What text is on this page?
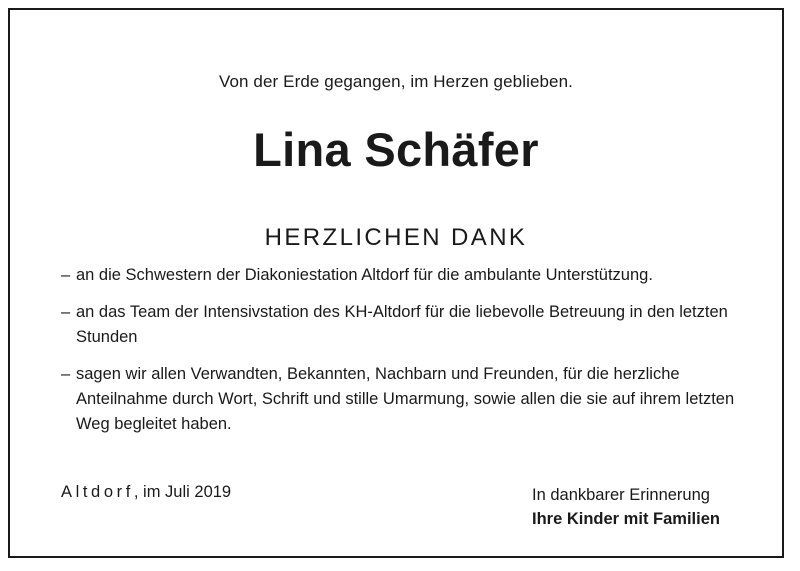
Von der Erde gegangen, im Herzen geblieben.
Lina Schäfer
HERZLICHEN DANK
– an die Schwestern der Diakoniestation Altdorf für die ambulante Unterstützung.
– an das Team der Intensivstation des KH-Altdorf für die liebevolle Betreuung in den letzten Stunden
– sagen wir allen Verwandten, Bekannten, Nachbarn und Freunden, für die herzliche Anteilnahme durch Wort, Schrift und stille Umarmung, sowie allen die sie auf ihrem letzten Weg begleitet haben.
Altdorf, im Juli 2019	In dankbarer Erinnerung
Ihre Kinder mit Familien
